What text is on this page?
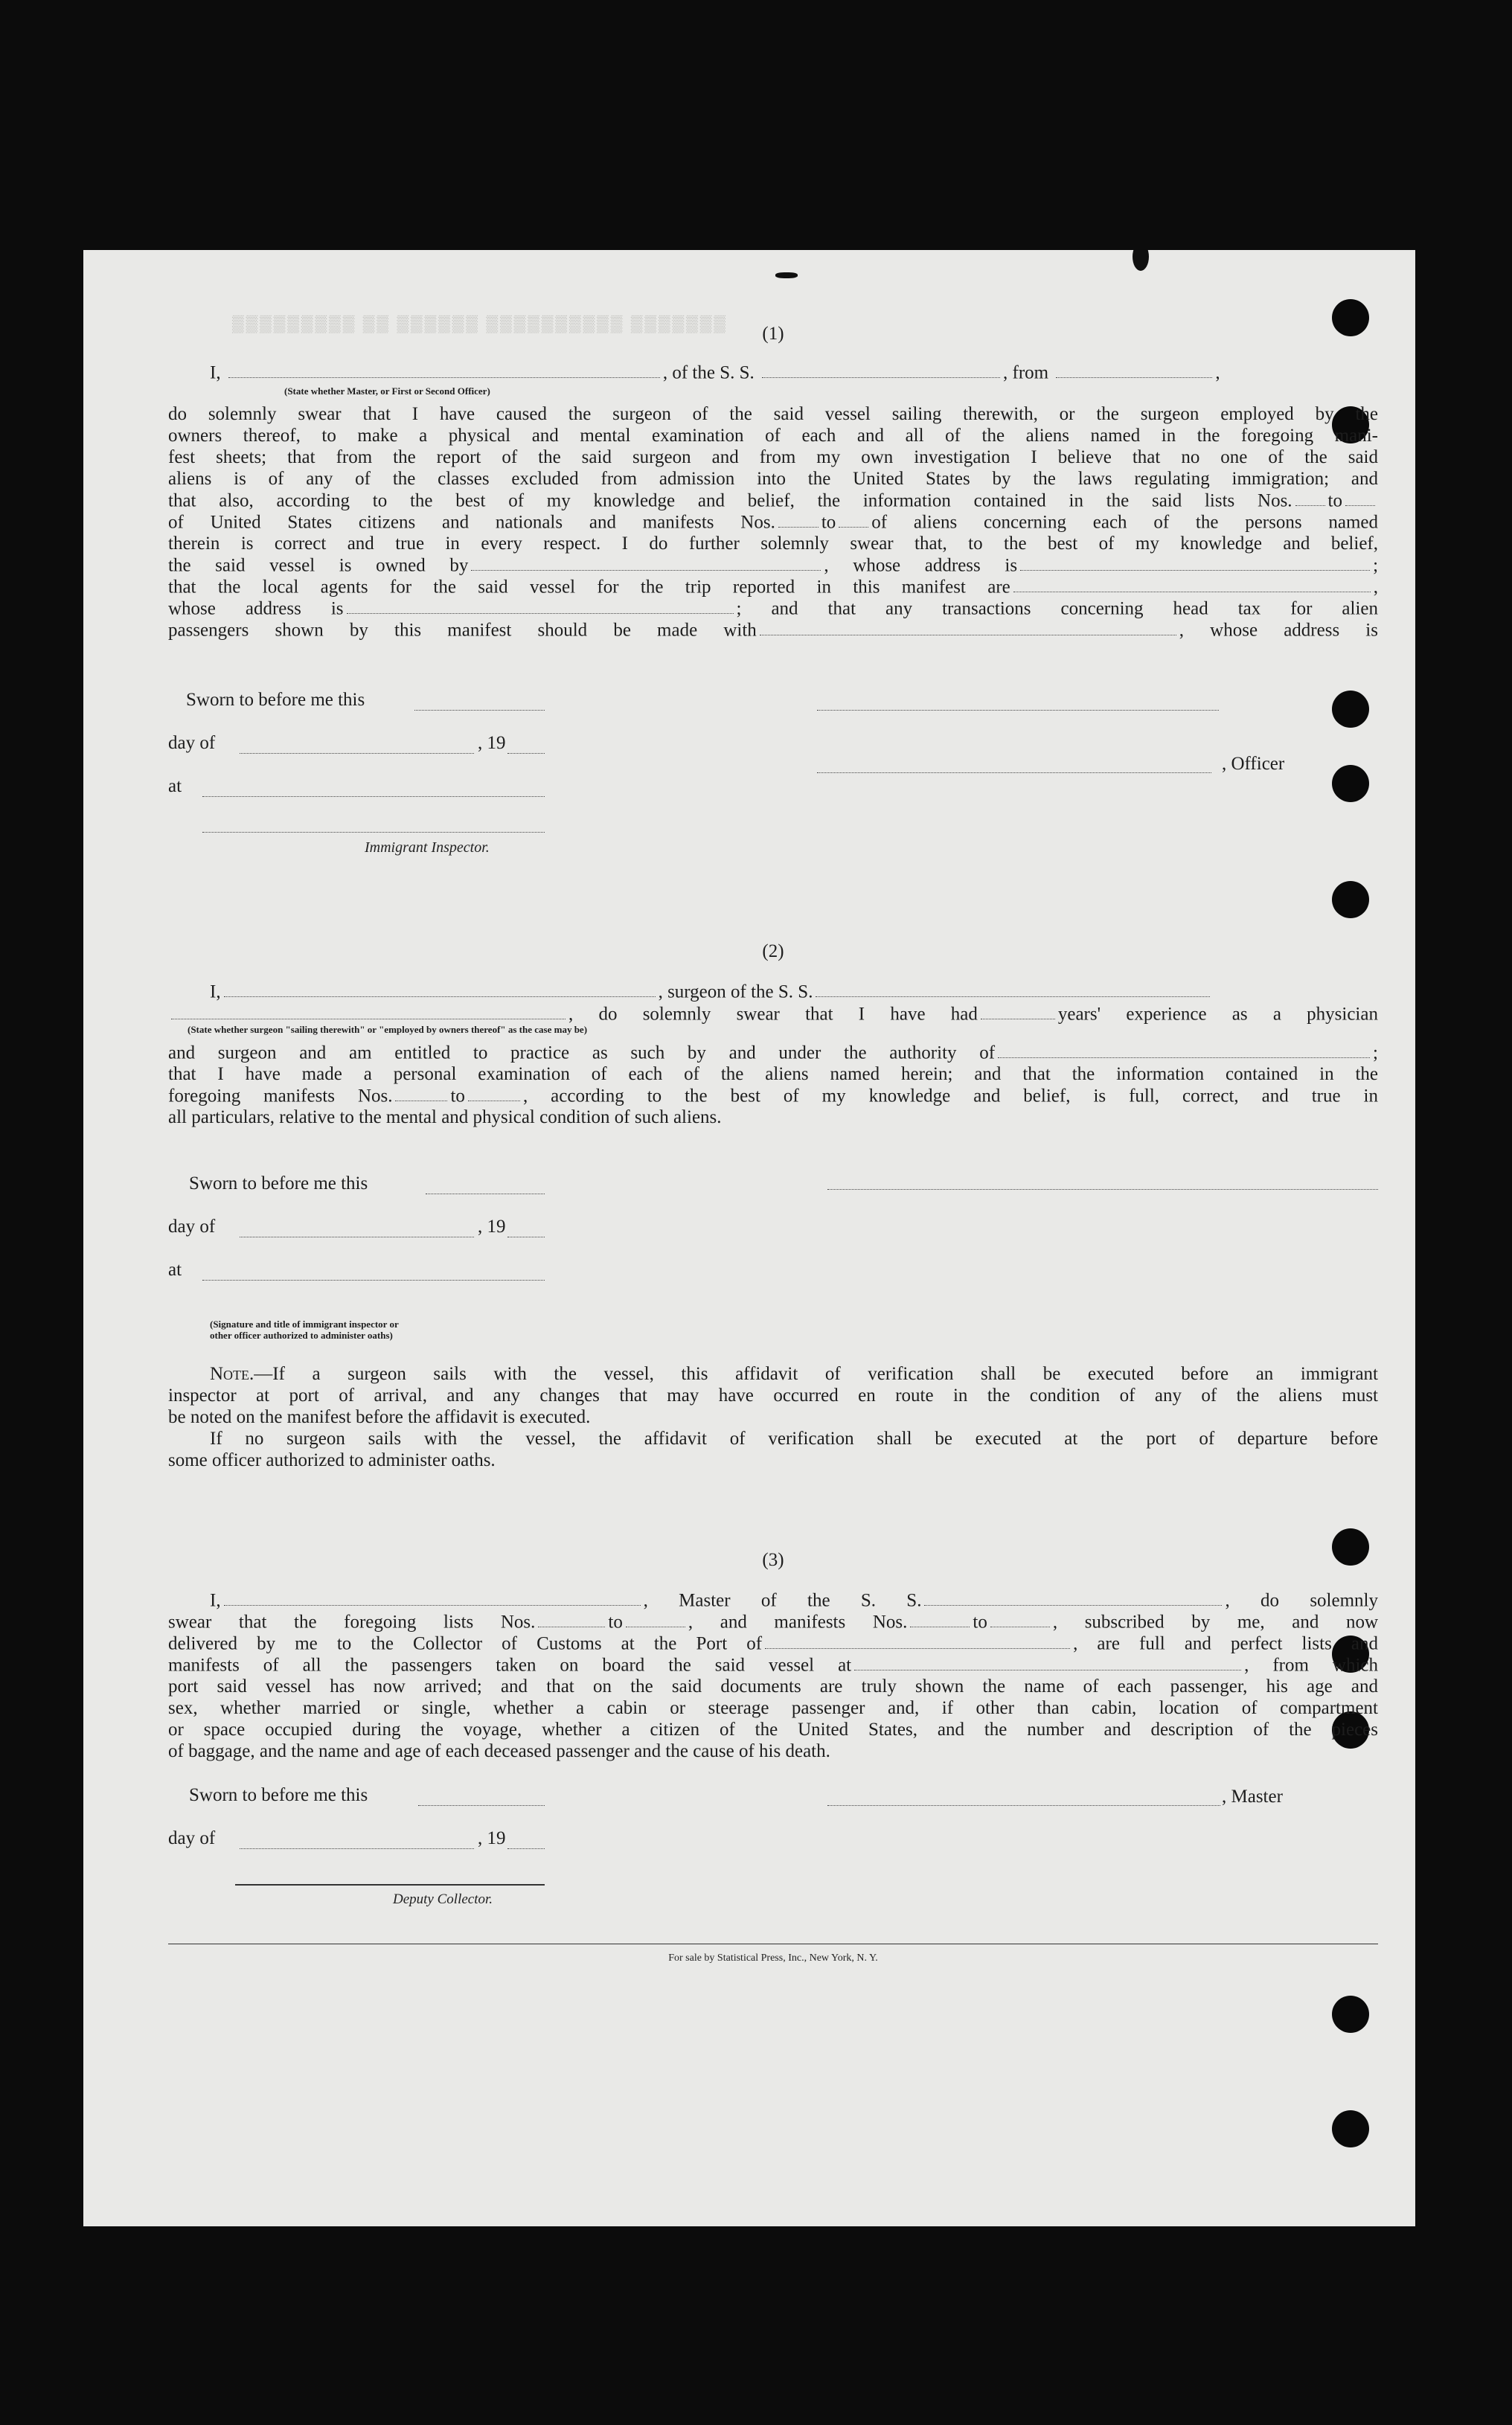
▒▒▒▒▒▒▒▒▒ ▒▒ ▒▒▒▒▒▒ ▒▒▒▒▒▒▒▒▒▒ ▒▒▒▒▒▒▒
(1)
I,	, of the S. S.	, from	,
(State whether Master, or First or Second Officer)
do solemnly swear that I have caused the surgeon of the said vessel sailing therewith, or the surgeon employed by the
owners thereof, to make a physical and mental examination of each and all of the aliens named in the foregoing mani-
fest sheets; that from the report of the said surgeon and from my own investigation I believe that no one of the said
aliens is of any of the classes excluded from admission into the United States by the laws regulating immigration; and
that also, according to the best of my knowledge and belief, the information contained in the said lists Nos. to
of United States citizens and nationals and manifests Nos. to of aliens concerning each of the persons named
therein is correct and true in every respect. I do further solemnly swear that, to the best of my knowledge and belief,
the said vessel is owned by	, whose address is	;
that the local agents for the said vessel for the trip reported in this manifest are	,
whose address is	; and that any transactions concerning head tax for alien
passengers shown by this manifest should be made with	, whose address is
Sworn to before me this
day of	, 19
, Officer
at
Immigrant Inspector.
(2)
I,	, surgeon of the S. S.
, do solemnly swear that I have had	years' experience as a physician
(State whether surgeon "sailing therewith" or "employed by owners thereof" as the case may be)
and surgeon and am entitled to practice as such by and under the authority of	;
that I have made a personal examination of each of the aliens named herein; and that the information contained in the
foregoing manifests Nos.	to	, according to the best of my knowledge and belief, is full, correct, and true in
all particulars, relative to the mental and physical condition of such aliens.
Sworn to before me this
day of	, 19
at
(Signature and title of immigrant inspector or
other officer authorized to administer oaths)
Note.—If a surgeon sails with the vessel, this affidavit of verification shall be executed before an immigrant
inspector at port of arrival, and any changes that may have occurred en route in the condition of any of the aliens must
be noted on the manifest before the affidavit is executed.
If no surgeon sails with the vessel, the affidavit of verification shall be executed at the port of departure before
some officer authorized to administer oaths.
(3)
I,	, Master of the S. S.	, do solemnly
swear that the foregoing lists Nos.	to	, and manifests Nos.	to	, subscribed by me, and now
delivered by me to the Collector of Customs at the Port of	, are full and perfect lists and
manifests of all the passengers taken on board the said vessel at	, from which
port said vessel has now arrived; and that on the said documents are truly shown the name of each passenger, his age and
sex, whether married or single, whether a cabin or steerage passenger and, if other than cabin, location of compartment
or space occupied during the voyage, whether a citizen of the United States, and the number and description of the pieces
of baggage, and the name and age of each deceased passenger and the cause of his death.
Sworn to before me this	, Master
day of	, 19
Deputy Collector.
For sale by Statistical Press, Inc., New York, N. Y.
